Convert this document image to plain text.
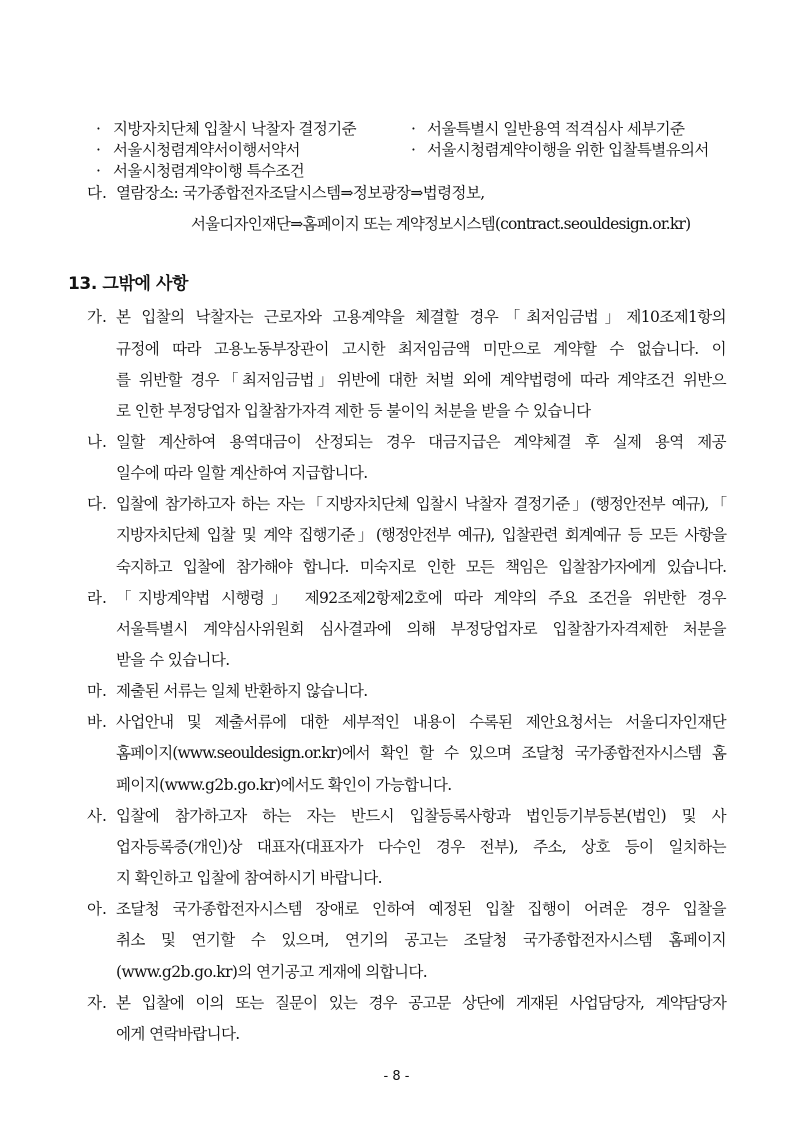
· 지방자치단체 입찰시 낙찰자 결정기준	· 서울특별시 일반용역 적격심사 세부기준
· 서울시청렴계약서이행서약서	· 서울시청렴계약이행을 위한 입찰특별유의서
· 서울시청렴계약이행 특수조건
다. 열람장소: 국가종합전자조달시스템⇒정보광장⇒법령정보,
서울디자인재단⇒홈페이지 또는 계약정보시스템(contract.seouldesign.or.kr)
13. 그밖에 사항
가. 본 입찰의 낙찰자는 근로자와 고용계약을 체결할 경우「최저임금법」제10조제1항의
규정에 따라 고용노동부장관이 고시한 최저임금액 미만으로 계약할 수 없습니다. 이
를 위반할 경우「최저임금법」위반에 대한 처벌 외에 계약법령에 따라 계약조건 위반으
로 인한 부정당업자 입찰참가자격 제한 등 불이익 처분을 받을 수 있습니다
나. 일할 계산하여 용역대금이 산정되는 경우 대금지급은 계약체결 후 실제 용역 제공
일수에 따라 일할 계산하여 지급합니다.
다. 입찰에 참가하고자 하는 자는「지방자치단체 입찰시 낙찰자 결정기준」(행정안전부 예규),「
지방자치단체 입찰 및 계약 집행기준」(행정안전부 예규), 입찰관련 회계예규 등 모든 사항을
숙지하고 입찰에 참가해야 합니다. 미숙지로 인한 모든 책임은 입찰참가자에게 있습니다.
라. 「지방계약법 시행령」 제92조제2항제2호에 따라 계약의 주요 조건을 위반한 경우
서울특별시 계약심사위원회 심사결과에 의해 부정당업자로 입찰참가자격제한 처분을
받을 수 있습니다.
마. 제출된 서류는 일체 반환하지 않습니다.
바. 사업안내 및 제출서류에 대한 세부적인 내용이 수록된 제안요청서는 서울디자인재단
홈페이지(www.seouldesign.or.kr)에서 확인 할 수 있으며 조달청 국가종합전자시스템 홈
페이지(www.g2b.go.kr)에서도 확인이 가능합니다.
사. 입찰에 참가하고자 하는 자는 반드시 입찰등록사항과 법인등기부등본(법인) 및 사
업자등록증(개인)상 대표자(대표자가 다수인 경우 전부), 주소, 상호 등이 일치하는
지 확인하고 입찰에 참여하시기 바랍니다.
아. 조달청 국가종합전자시스템 장애로 인하여 예정된 입찰 집행이 어려운 경우 입찰을
취소 및 연기할 수 있으며, 연기의 공고는 조달청 국가종합전자시스템 홈페이지
(www.g2b.go.kr)의 연기공고 게재에 의합니다.
자. 본 입찰에 이의 또는 질문이 있는 경우 공고문 상단에 게재된 사업담당자, 계약담당자
에게 연락바랍니다.
- 8 -
